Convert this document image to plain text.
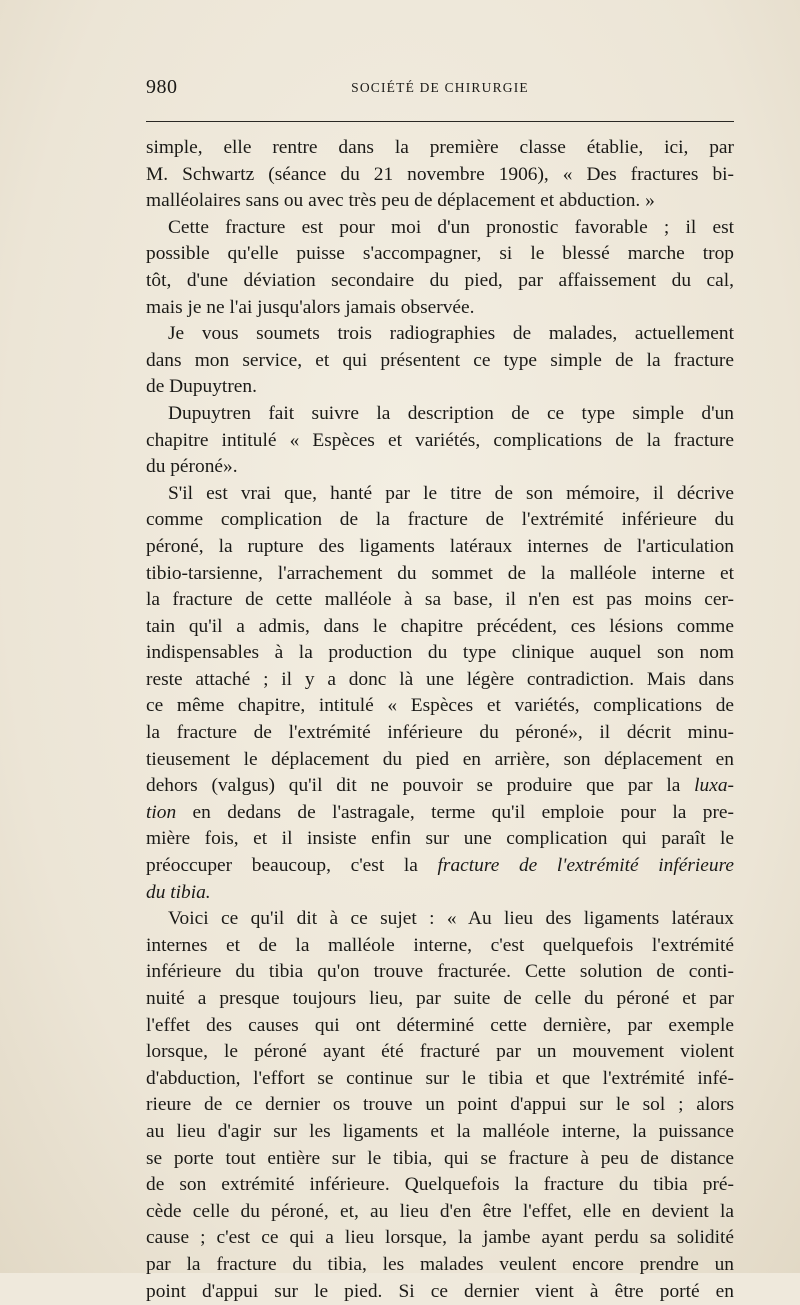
980	SOCIÉTÉ DE CHIRURGIE
simple, elle rentre dans la première classe établie, ici, par
M. Schwartz (séance du 21 novembre 1906), « Des fractures bi-
malléolaires sans ou avec très peu de déplacement et abduction. »
Cette fracture est pour moi d'un pronostic favorable ; il est
possible qu'elle puisse s'accompagner, si le blessé marche trop
tôt, d'une déviation secondaire du pied, par affaissement du cal,
mais je ne l'ai jusqu'alors jamais observée.
Je vous soumets trois radiographies de malades, actuellement
dans mon service, et qui présentent ce type simple de la fracture
de Dupuytren.
Dupuytren fait suivre la description de ce type simple d'un
chapitre intitulé « Espèces et variétés, complications de la fracture
du péroné».
S'il est vrai que, hanté par le titre de son mémoire, il décrive
comme complication de la fracture de l'extrémité inférieure du
péroné, la rupture des ligaments latéraux internes de l'articulation
tibio-tarsienne, l'arrachement du sommet de la malléole interne et
la fracture de cette malléole à sa base, il n'en est pas moins cer-
tain qu'il a admis, dans le chapitre précédent, ces lésions comme
indispensables à la production du type clinique auquel son nom
reste attaché ; il y a donc là une légère contradiction. Mais dans
ce même chapitre, intitulé « Espèces et variétés, complications de
la fracture de l'extrémité inférieure du péroné», il décrit minu-
tieusement le déplacement du pied en arrière, son déplacement en
dehors (valgus) qu'il dit ne pouvoir se produire que par la luxa-
tion en dedans de l'astragale, terme qu'il emploie pour la pre-
mière fois, et il insiste enfin sur une complication qui paraît le
préoccuper beaucoup, c'est la fracture de l'extrémité inférieure
du tibia.
Voici ce qu'il dit à ce sujet : « Au lieu des ligaments latéraux
internes et de la malléole interne, c'est quelquefois l'extrémité
inférieure du tibia qu'on trouve fracturée. Cette solution de conti-
nuité a presque toujours lieu, par suite de celle du péroné et par
l'effet des causes qui ont déterminé cette dernière, par exemple
lorsque, le péroné ayant été fracturé par un mouvement violent
d'abduction, l'effort se continue sur le tibia et que l'extrémité infé-
rieure de ce dernier os trouve un point d'appui sur le sol ; alors
au lieu d'agir sur les ligaments et la malléole interne, la puissance
se porte tout entière sur le tibia, qui se fracture à peu de distance
de son extrémité inférieure. Quelquefois la fracture du tibia pré-
cède celle du péroné, et, au lieu d'en être l'effet, elle en devient la
cause ; c'est ce qui a lieu lorsque, la jambe ayant perdu sa solidité
par la fracture du tibia, les malades veulent encore prendre un
point d'appui sur le pied. Si ce dernier vient à être porté en
